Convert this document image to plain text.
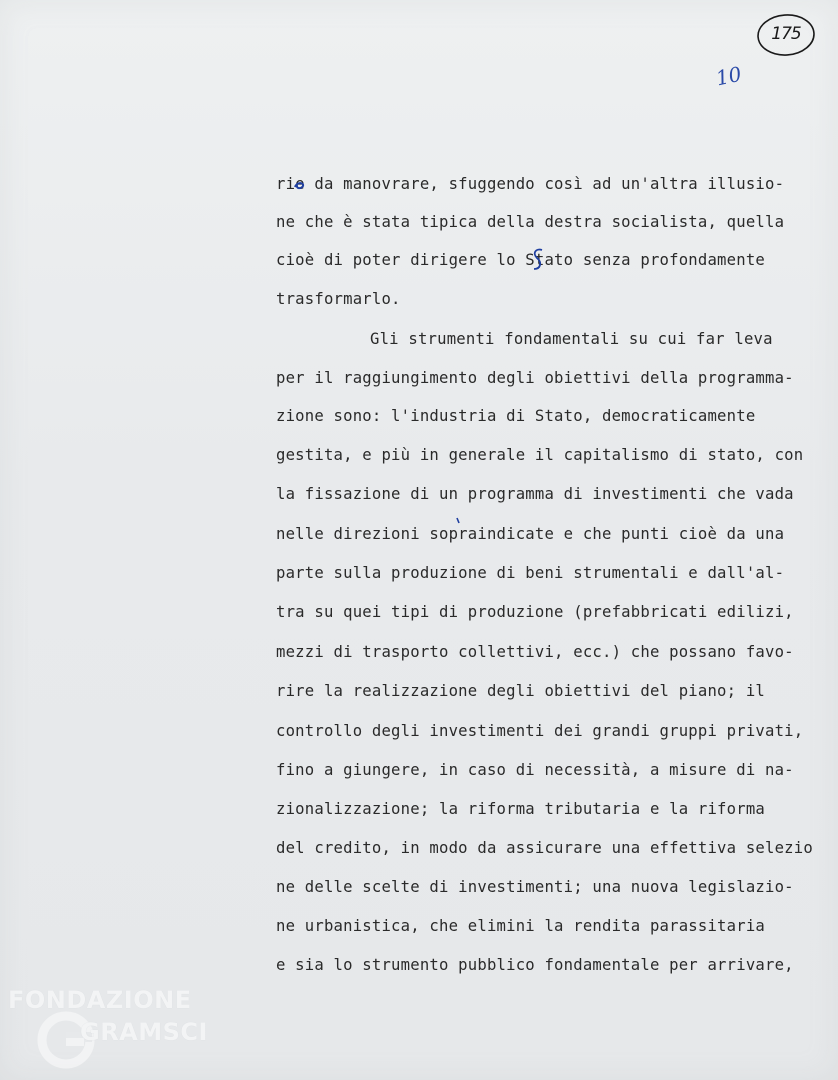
175
10
rie da manovrare, sfuggendo così ad un'altra illusio-
ne che è stata tipica della destra socialista, quella
cioè di poter dirigere lo Stato senza profondamente
trasformarlo.
Gli strumenti fondamentali su cui far leva
per il raggiungimento degli obiettivi della programma-
zione sono: l'industria di Stato, democraticamente
gestita, e più in generale il capitalismo di stato, con
la fissazione di un programma di investimenti che vada
nelle direzioni sopraindicate e che punti cioè da una
parte sulla produzione di beni strumentali e dall'al-
tra su quei tipi di produzione (prefabbricati edilizi,
mezzi di trasporto collettivi, ecc.) che possano favo-
rire la realizzazione degli obiettivi del piano; il
controllo degli investimenti dei grandi gruppi privati,
fino a giungere, in caso di necessità, a misure di na-
zionalizzazione; la riforma tributaria e la riforma
del credito, in modo da assicurare una effettiva selezio
ne delle scelte di investimenti; una nuova legislazio-
ne urbanistica, che elimini la rendita parassitaria
e sia lo strumento pubblico fondamentale per arrivare,
FONDAZIONE
GRAMSCI
